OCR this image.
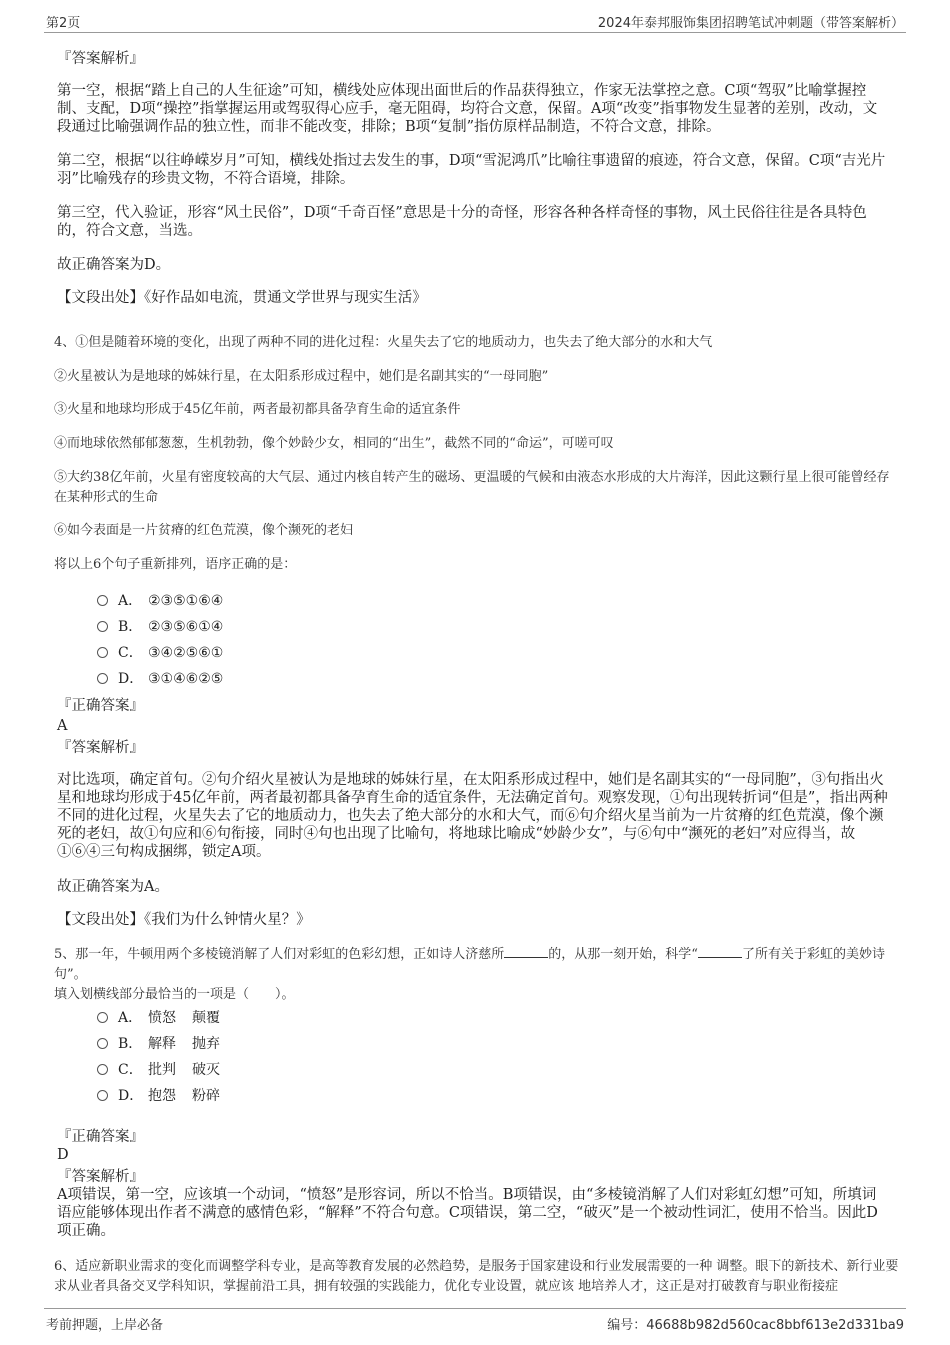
第2页	2024年泰邦服饰集团招聘笔试冲刺题（带答案解析）
『答案解析』
第一空，根据“踏上自己的人生征途”可知，横线处应体现出面世后的作品获得独立，作家无法掌控之意。C项“驾驭”比喻掌握控制、支配，D项“操控”指掌握运用或驾驭得心应手，毫无阻碍，均符合文意，保留。A项“改变”指事物发生显著的差别，改动，文段通过比喻强调作品的独立性，而非不能改变，排除；B项“复制”指仿原样品制造，不符合文意，排除。
第二空，根据“以往峥嵘岁月”可知，横线处指过去发生的事，D项“雪泥鸿爪”比喻往事遗留的痕迹，符合文意，保留。C项“吉光片羽”比喻残存的珍贵文物，不符合语境，排除。
第三空，代入验证，形容“风土民俗”，D项“千奇百怪”意思是十分的奇怪，形容各种各样奇怪的事物，风土民俗往往是各具特色的，符合文意，当选。
故正确答案为D。
【文段出处】《好作品如电流，贯通文学世界与现实生活》
4、①但是随着环境的变化，出现了两种不同的进化过程：火星失去了它的地质动力，也失去了绝大部分的水和大气
②火星被认为是地球的姊妹行星，在太阳系形成过程中，她们是名副其实的“一母同胞”
③火星和地球均形成于45亿年前，两者最初都具备孕育生命的适宜条件
④而地球依然郁郁葱葱，生机勃勃，像个妙龄少女，相同的“出生”，截然不同的“命运”，可嗟可叹
⑤大约38亿年前，火星有密度较高的大气层、通过内核自转产生的磁场、更温暖的气候和由液态水形成的大片海洋，因此这颗行星上很可能曾经存在某种形式的生命
⑥如今表面是一片贫瘠的红色荒漠，像个濒死的老妇
将以上6个句子重新排列，语序正确的是：
A． ②③⑤①⑥④
B． ②③⑤⑥①④
C． ③④②⑤⑥①
D． ③①④⑥②⑤
『正确答案』
A
『答案解析』
对比选项，确定首句。②句介绍火星被认为是地球的姊妹行星，在太阳系形成过程中，她们是名副其实的“一母同胞”，③句指出火星和地球均形成于45亿年前，两者最初都具备孕育生命的适宜条件，无法确定首句。观察发现，①句出现转折词“但是”，指出两种不同的进化过程，火星失去了它的地质动力，也失去了绝大部分的水和大气，而⑥句介绍火星当前为一片贫瘠的红色荒漠，像个濒死的老妇，故①句应和⑥句衔接，同时④句也出现了比喻句，将地球比喻成“妙龄少女”，与⑥句中“濒死的老妇”对应得当，故①⑥④三句构成捆绑，锁定A项。
故正确答案为A。
【文段出处】《我们为什么钟情火星？》
5、那一年，牛顿用两个多棱镜消解了人们对彩虹的色彩幻想，正如诗人济慈所	的，从那一刻开始，科学“	了所有关于彩虹的美妙诗句”。
填入划横线部分最恰当的一项是（　　）。
A． 愤怒 颠覆
B． 解释 抛弃
C． 批判 破灭
D． 抱怨 粉碎
『正确答案』
D
『答案解析』
A项错误，第一空，应该填一个动词，“愤怒”是形容词，所以不恰当。B项错误，由“多棱镜消解了人们对彩虹幻想”可知，所填词语应能够体现出作者不满意的感情色彩，“解释”不符合句意。C项错误，第二空，“破灭”是一个被动性词汇，使用不恰当。因此D项正确。
6、适应新职业需求的变化而调整学科专业，是高等教育发展的必然趋势，是服务于国家建设和行业发展需要的一种 调整。眼下的新技术、新行业要求从业者具备交叉学科知识，掌握前沿工具，拥有较强的实践能力，优化专业设置，就应该 地培养人才，这正是对打破教育与职业衔接症
考前押题，上岸必备	编号：46688b982d560cac8bbf613e2d331ba9
